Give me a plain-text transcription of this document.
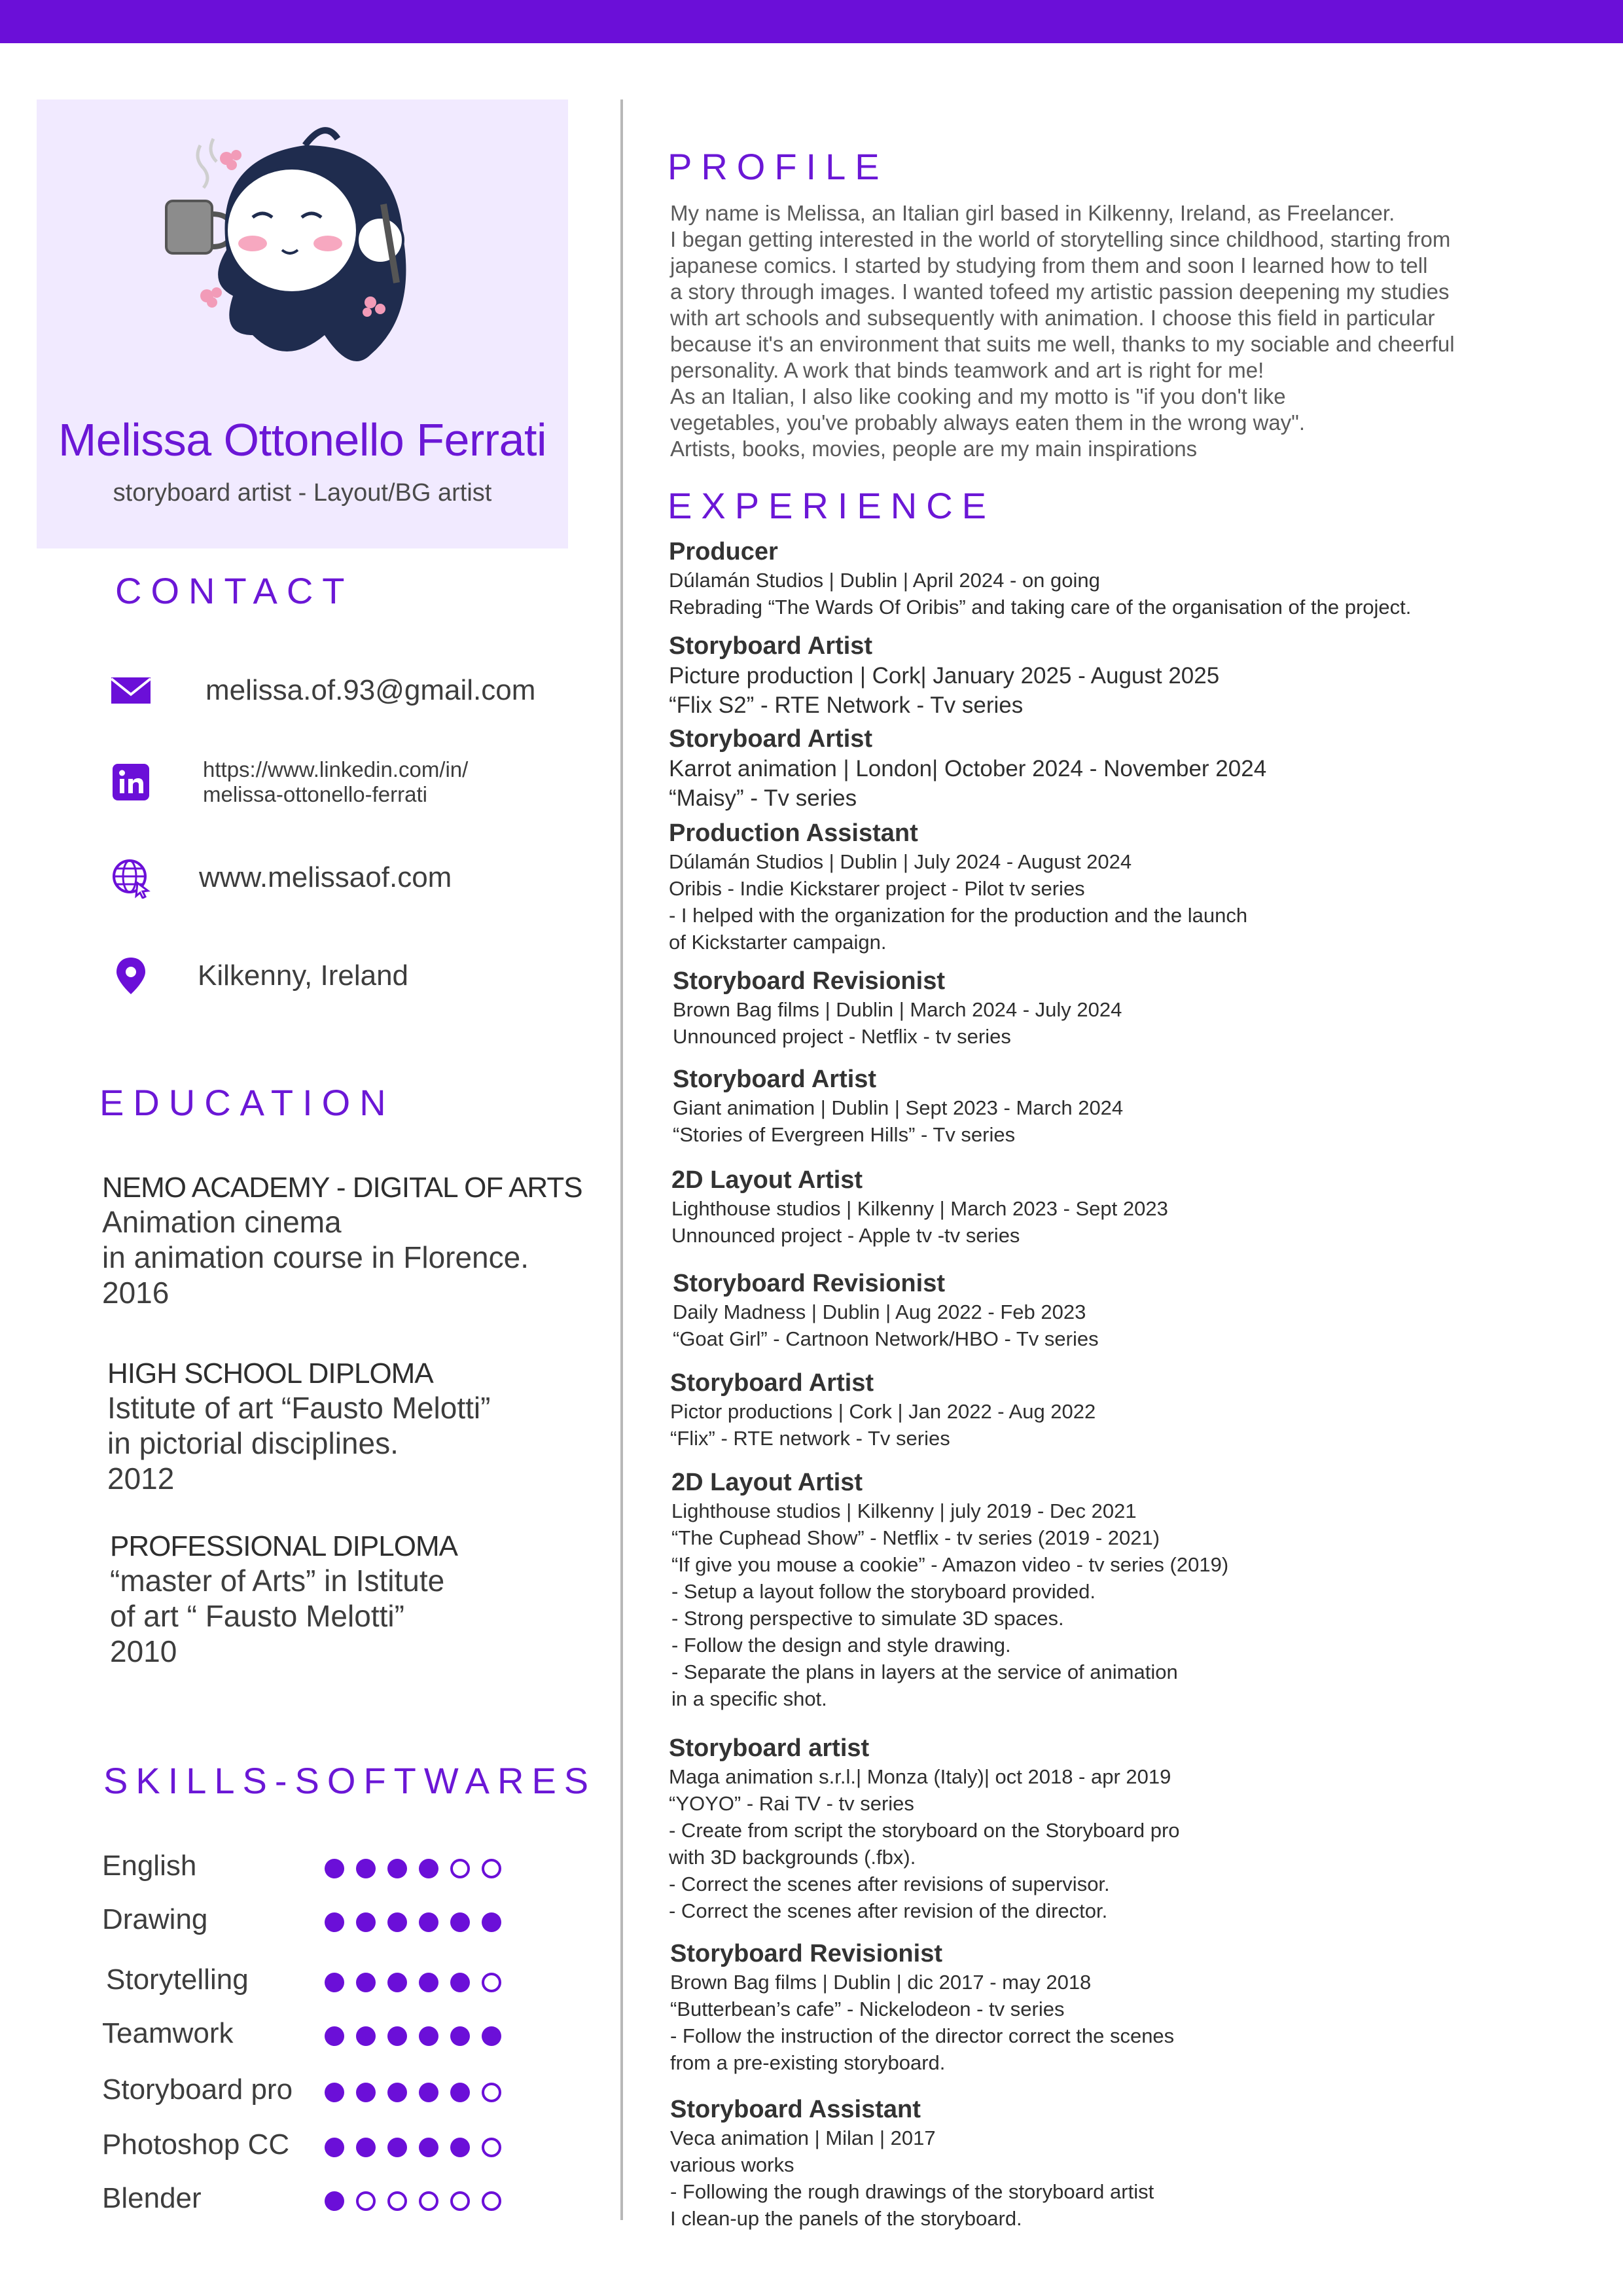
Melissa Ottonello Ferrati
storyboard artist - Layout/BG artist
CONTACT
melissa.of.93@gmail.com
https://www.linkedin.com/in/
melissa-ottonello-ferrati
www.melissaof.com
Kilkenny, Ireland
EDUCATION
NEMO ACADEMY - DIGITAL OF ARTS
Animation cinema
in animation course in Florence.
2016
HIGH SCHOOL DIPLOMA
Istitute of art “Fausto Melotti”
in pictorial disciplines.
2012
PROFESSIONAL DIPLOMA
“master of Arts” in Istitute
of art “ Fausto Melotti”
2010
SKILLS-SOFTWARES
English
Drawing
Storytelling
Teamwork
Storyboard pro
Photoshop CC
Blender
PROFILE
My name is Melissa, an Italian girl based in Kilkenny, Ireland, as Freelancer.
I began getting interested in the world of storytelling since childhood, starting from
japanese comics. I started by studying from them and soon I learned how to tell
a story through images. I wanted tofeed my artistic passion deepening my studies
with art schools and subsequently with animation. I choose this field in particular
because it's an environment that suits me well, thanks to my sociable and cheerful
personality. A work that binds teamwork and art is right for me!
As an Italian, I also like cooking and my motto is "if you don't like
vegetables, you've probably always eaten them in the wrong way".
Artists, books, movies, people are my main inspirations
EXPERIENCE
Producer
Dúlamán Studios | Dublin | April 2024 - on going
Rebrading “The Wards Of Oribis” and taking care of the organisation of the project.
Storyboard Artist
Picture production | Cork| January 2025 - August 2025
“Flix S2” - RTE Network - Tv series
Storyboard Artist
Karrot animation | London| October 2024 - November 2024
“Maisy” - Tv series
Production Assistant
Dúlamán Studios | Dublin | July 2024 - August 2024
Oribis - Indie Kickstarer project - Pilot tv series
- I helped with the organization for the production and the launch
of Kickstarter campaign.
Storyboard Revisionist
Brown Bag films | Dublin | March 2024 - July 2024
Unnounced project - Netflix - tv series
Storyboard Artist
Giant animation | Dublin | Sept 2023 - March 2024
“Stories of Evergreen Hills” - Tv series
2D Layout Artist
Lighthouse studios | Kilkenny | March 2023 - Sept 2023
Unnounced project - Apple tv -tv series
Storyboard Revisionist
Daily Madness | Dublin | Aug 2022 - Feb 2023
“Goat Girl” - Cartnoon Network/HBO - Tv series
Storyboard Artist
Pictor productions | Cork | Jan 2022 - Aug 2022
“Flix” - RTE network - Tv series
2D Layout Artist
Lighthouse studios | Kilkenny | july 2019 - Dec 2021
“The Cuphead Show” - Netflix - tv series (2019 - 2021)
“If give you mouse a cookie” - Amazon video - tv series (2019)
- Setup a layout follow the storyboard provided.
- Strong perspective to simulate 3D spaces.
- Follow the design and style drawing.
- Separate the plans in layers at the service of animation
in a specific shot.
Storyboard artist
Maga animation s.r.l.| Monza (Italy)| oct 2018 - apr 2019
“YOYO” - Rai TV - tv series
- Create from script the storyboard on the Storyboard pro
with 3D backgrounds (.fbx).
- Correct the scenes after revisions of supervisor.
- Correct the scenes after revision of the director.
Storyboard Revisionist
Brown Bag films | Dublin | dic 2017 - may 2018
“Butterbean’s cafe” - Nickelodeon - tv series
- Follow the instruction of the director correct the scenes
from a pre-existing storyboard.
Storyboard Assistant
Veca animation | Milan | 2017
various works
- Following the rough drawings of the storyboard artist
I clean-up the panels of the storyboard.
